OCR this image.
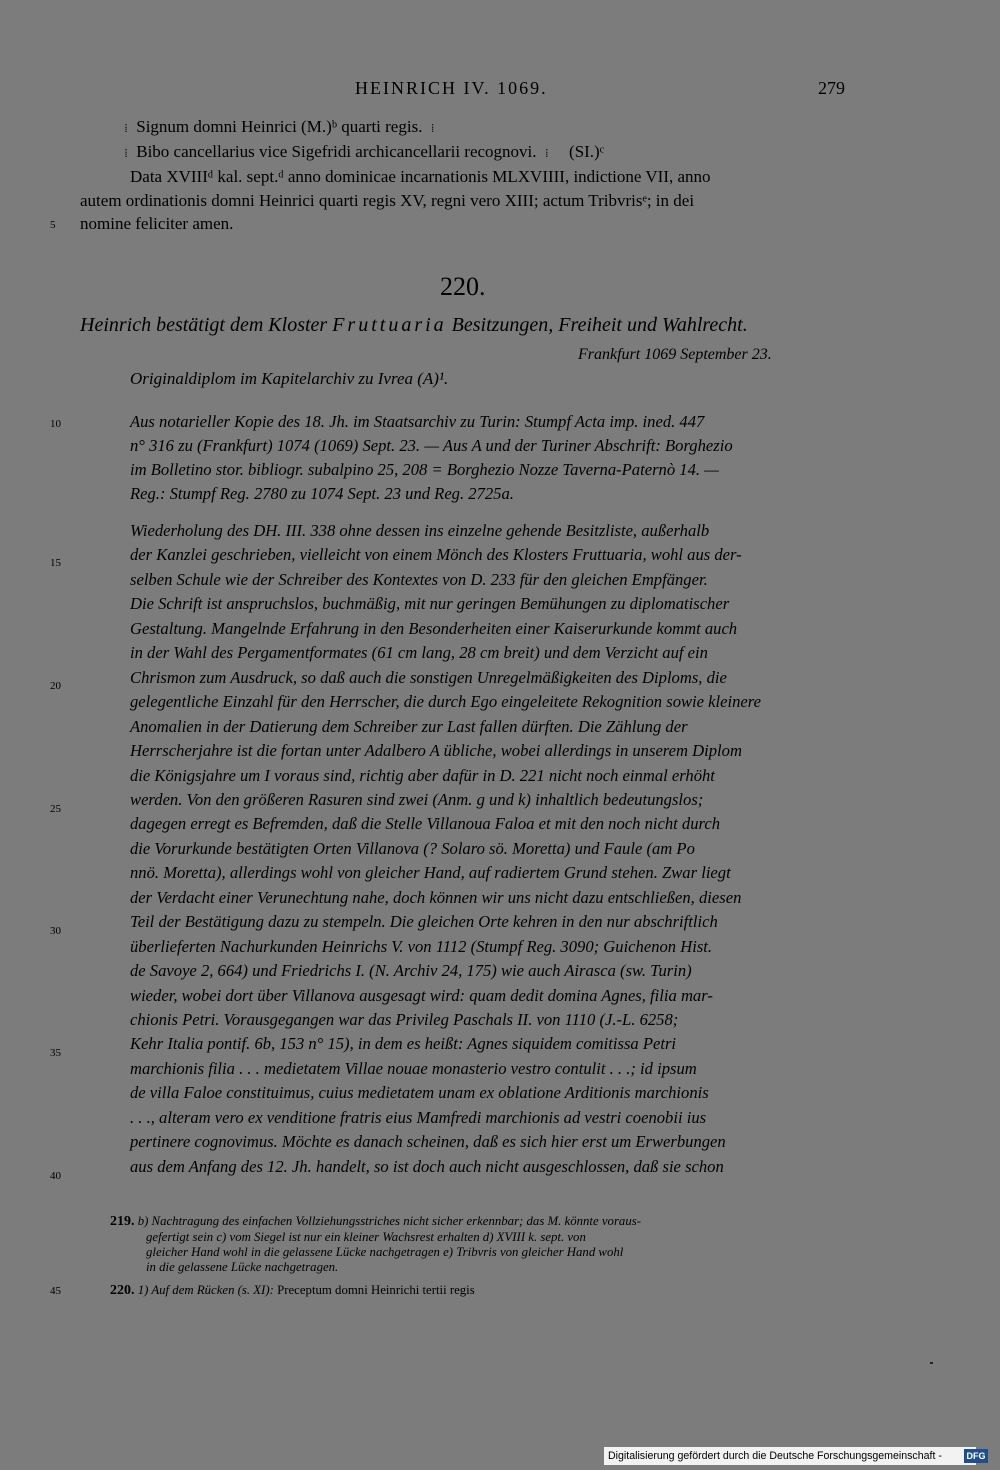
HEINRICH IV. 1069.	279
⁞ Signum domni Heinrici (M.)ᵇ quarti regis. ⁞
⁞ Bibo cancellarius vice Sigefridi archicancellarii recognovi. ⁞ (SI.)ᶜ
Data XVIIIᵈ kal. sept.ᵈ anno dominicae incarnationis MLXVIIII, indictione VII, anno
autem ordinationis domni Heinrici quarti regis XV, regni vero XIII; actum Tribvrisᵉ; in dei
nomine feliciter amen.
5
220.
Heinrich bestätigt dem Kloster Fruttuaria Besitzungen, Freiheit und Wahlrecht.
Frankfurt 1069 September 23.
Originaldiplom im Kapitelarchiv zu Ivrea (A)¹.
Aus notarieller Kopie des 18. Jh. im Staatsarchiv zu Turin: Stumpf Acta imp. ined. 447
n° 316 zu (Frankfurt) 1074 (1069) Sept. 23. — Aus A und der Turiner Abschrift: Borghezio
im Bolletino stor. bibliogr. subalpino 25, 208 = Borghezio Nozze Taverna-Paternò 14. —
Reg.: Stumpf Reg. 2780 zu 1074 Sept. 23 und Reg. 2725a.
10
Wiederholung des DH. III. 338 ohne dessen ins einzelne gehende Besitzliste, außerhalb
der Kanzlei geschrieben, vielleicht von einem Mönch des Klosters Fruttuaria, wohl aus der-
selben Schule wie der Schreiber des Kontextes von D. 233 für den gleichen Empfänger.
Die Schrift ist anspruchslos, buchmäßig, mit nur geringen Bemühungen zu diplomatischer
Gestaltung. Mangelnde Erfahrung in den Besonderheiten einer Kaiserurkunde kommt auch
in der Wahl des Pergamentformates (61 cm lang, 28 cm breit) und dem Verzicht auf ein
Chrismon zum Ausdruck, so daß auch die sonstigen Unregelmäßigkeiten des Diploms, die
gelegentliche Einzahl für den Herrscher, die durch Ego eingeleitete Rekognition sowie kleinere
Anomalien in der Datierung dem Schreiber zur Last fallen dürften. Die Zählung der
Herrscherjahre ist die fortan unter Adalbero A übliche, wobei allerdings in unserem Diplom
die Königsjahre um I voraus sind, richtig aber dafür in D. 221 nicht noch einmal erhöht
werden. Von den größeren Rasuren sind zwei (Anm. g und k) inhaltlich bedeutungslos;
dagegen erregt es Befremden, daß die Stelle Villanoua Faloa et mit den noch nicht durch
die Vorurkunde bestätigten Orten Villanova (? Solaro sö. Moretta) und Faule (am Po
nnö. Moretta), allerdings wohl von gleicher Hand, auf radiertem Grund stehen. Zwar liegt
der Verdacht einer Verunechtung nahe, doch können wir uns nicht dazu entschließen, diesen
Teil der Bestätigung dazu zu stempeln. Die gleichen Orte kehren in den nur abschriftlich
überlieferten Nachurkunden Heinrichs V. von 1112 (Stumpf Reg. 3090; Guichenon Hist.
de Savoye 2, 664) und Friedrichs I. (N. Archiv 24, 175) wie auch Airasca (sw. Turin)
wieder, wobei dort über Villanova ausgesagt wird: quam dedit domina Agnes, filia mar-
chionis Petri. Vorausgegangen war das Privileg Paschals II. von 1110 (J.-L. 6258;
Kehr Italia pontif. 6b, 153 n° 15), in dem es heißt: Agnes siquidem comitissa Petri
marchionis filia . . . medietatem Villae nouae monasterio vestro contulit . . .; id ipsum
de villa Faloe constituimus, cuius medietatem unam ex oblatione Arditionis marchionis
. . ., alteram vero ex venditione fratris eius Mamfredi marchionis ad vestri coenobii ius
pertinere cognovimus. Möchte es danach scheinen, daß es sich hier erst um Erwerbungen
aus dem Anfang des 12. Jh. handelt, so ist doch auch nicht ausgeschlossen, daß sie schon
15
20
25
30
35
40
219. b) Nachtragung des einfachen Vollziehungsstriches nicht sicher erkennbar; das M. könnte voraus-
gefertigt sein c) vom Siegel ist nur ein kleiner Wachsrest erhalten d) XVIII k. sept. von
gleicher Hand wohl in die gelassene Lücke nachgetragen e) Tribvris von gleicher Hand wohl
in die gelassene Lücke nachgetragen.
220. 1) Auf dem Rücken (s. XI): Preceptum domni Heinrichi tertii regis
45
Digitalisierung gefördert durch die Deutsche Forschungsgemeinschaft -	DFG
